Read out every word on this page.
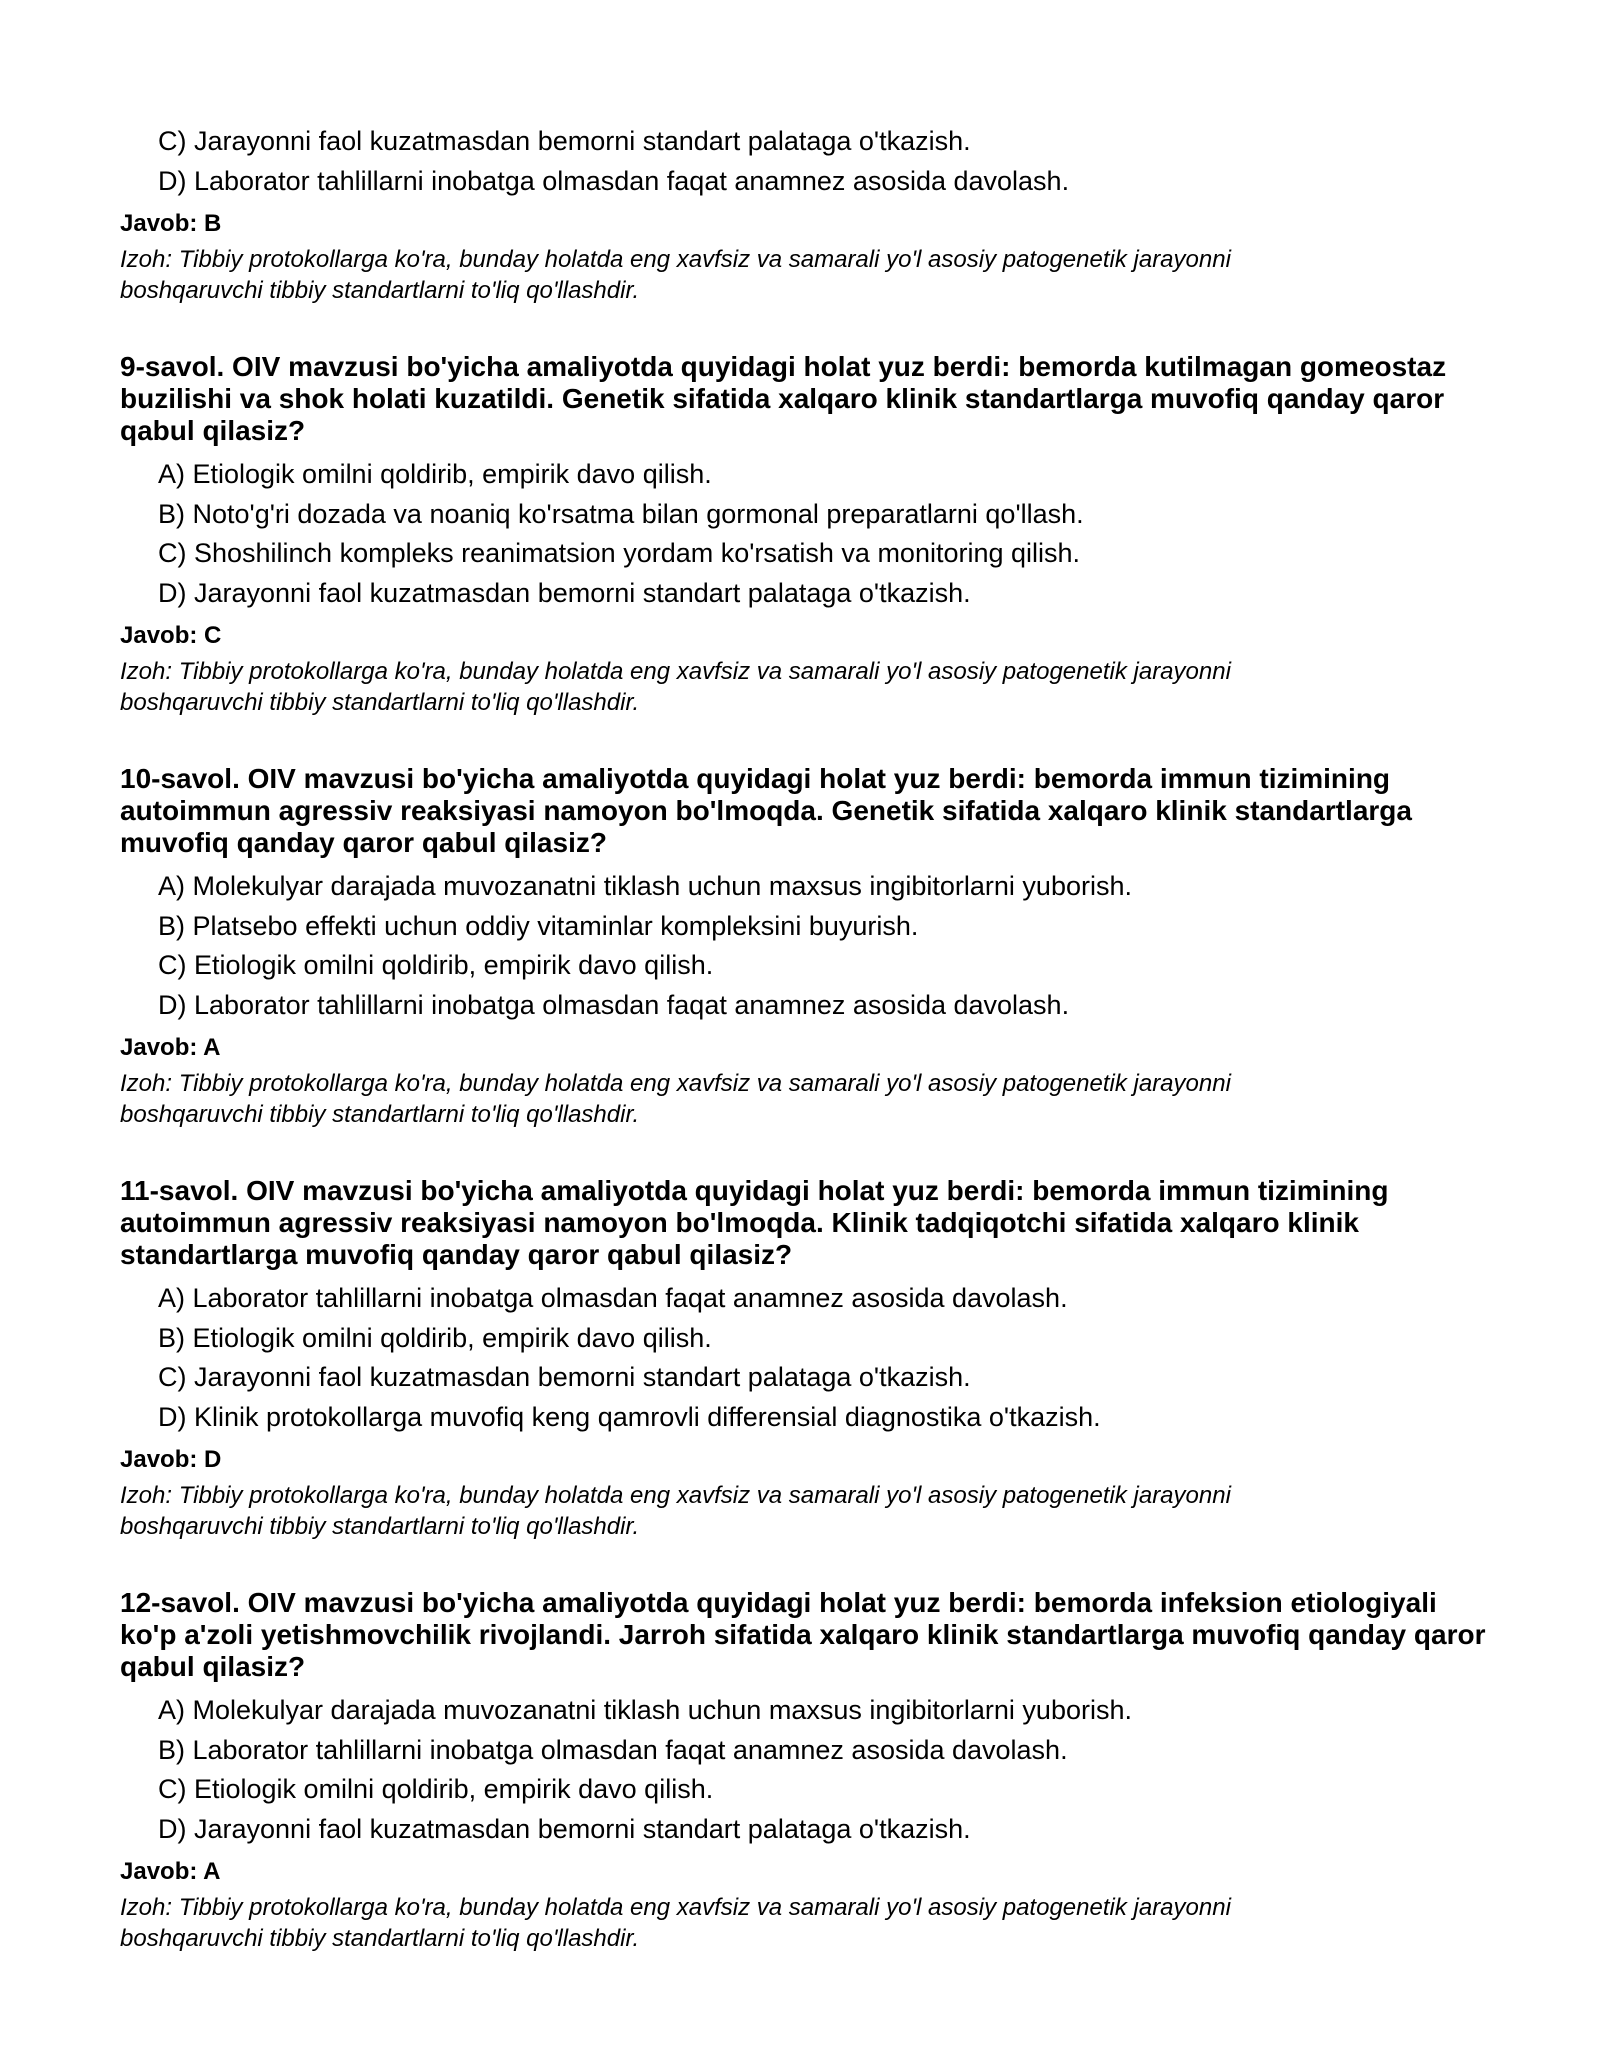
C) Jarayonni faol kuzatmasdan bemorni standart palataga o'tkazish.
D) Laborator tahlillarni inobatga olmasdan faqat anamnez asosida davolash.
Javob: B
Izoh: Tibbiy protokollarga ko'ra, bunday holatda eng xavfsiz va samarali yo'l asosiy patogenetik jarayonni boshqaruvchi tibbiy standartlarni to'liq qo'llashdir.
9-savol. OIV mavzusi bo'yicha amaliyotda quyidagi holat yuz berdi: bemorda kutilmagan gomeostaz buzilishi va shok holati kuzatildi. Genetik sifatida xalqaro klinik standartlarga muvofiq qanday qaror qabul qilasiz?
A) Etiologik omilni qoldirib, empirik davo qilish.
B) Noto'g'ri dozada va noaniq ko'rsatma bilan gormonal preparatlarni qo'llash.
C) Shoshilinch kompleks reanimatsion yordam ko'rsatish va monitoring qilish.
D) Jarayonni faol kuzatmasdan bemorni standart palataga o'tkazish.
Javob: C
Izoh: Tibbiy protokollarga ko'ra, bunday holatda eng xavfsiz va samarali yo'l asosiy patogenetik jarayonni boshqaruvchi tibbiy standartlarni to'liq qo'llashdir.
10-savol. OIV mavzusi bo'yicha amaliyotda quyidagi holat yuz berdi: bemorda immun tizimining autoimmun agressiv reaksiyasi namoyon bo'lmoqda. Genetik sifatida xalqaro klinik standartlarga muvofiq qanday qaror qabul qilasiz?
A) Molekulyar darajada muvozanatni tiklash uchun maxsus ingibitorlarni yuborish.
B) Platsebo effekti uchun oddiy vitaminlar kompleksini buyurish.
C) Etiologik omilni qoldirib, empirik davo qilish.
D) Laborator tahlillarni inobatga olmasdan faqat anamnez asosida davolash.
Javob: A
Izoh: Tibbiy protokollarga ko'ra, bunday holatda eng xavfsiz va samarali yo'l asosiy patogenetik jarayonni boshqaruvchi tibbiy standartlarni to'liq qo'llashdir.
11-savol. OIV mavzusi bo'yicha amaliyotda quyidagi holat yuz berdi: bemorda immun tizimining autoimmun agressiv reaksiyasi namoyon bo'lmoqda. Klinik tadqiqotchi sifatida xalqaro klinik standartlarga muvofiq qanday qaror qabul qilasiz?
A) Laborator tahlillarni inobatga olmasdan faqat anamnez asosida davolash.
B) Etiologik omilni qoldirib, empirik davo qilish.
C) Jarayonni faol kuzatmasdan bemorni standart palataga o'tkazish.
D) Klinik protokollarga muvofiq keng qamrovli differensial diagnostika o'tkazish.
Javob: D
Izoh: Tibbiy protokollarga ko'ra, bunday holatda eng xavfsiz va samarali yo'l asosiy patogenetik jarayonni boshqaruvchi tibbiy standartlarni to'liq qo'llashdir.
12-savol. OIV mavzusi bo'yicha amaliyotda quyidagi holat yuz berdi: bemorda infeksion etiologiyali ko'p a'zoli yetishmovchilik rivojlandi. Jarroh sifatida xalqaro klinik standartlarga muvofiq qanday qaror qabul qilasiz?
A) Molekulyar darajada muvozanatni tiklash uchun maxsus ingibitorlarni yuborish.
B) Laborator tahlillarni inobatga olmasdan faqat anamnez asosida davolash.
C) Etiologik omilni qoldirib, empirik davo qilish.
D) Jarayonni faol kuzatmasdan bemorni standart palataga o'tkazish.
Javob: A
Izoh: Tibbiy protokollarga ko'ra, bunday holatda eng xavfsiz va samarali yo'l asosiy patogenetik jarayonni boshqaruvchi tibbiy standartlarni to'liq qo'llashdir.
